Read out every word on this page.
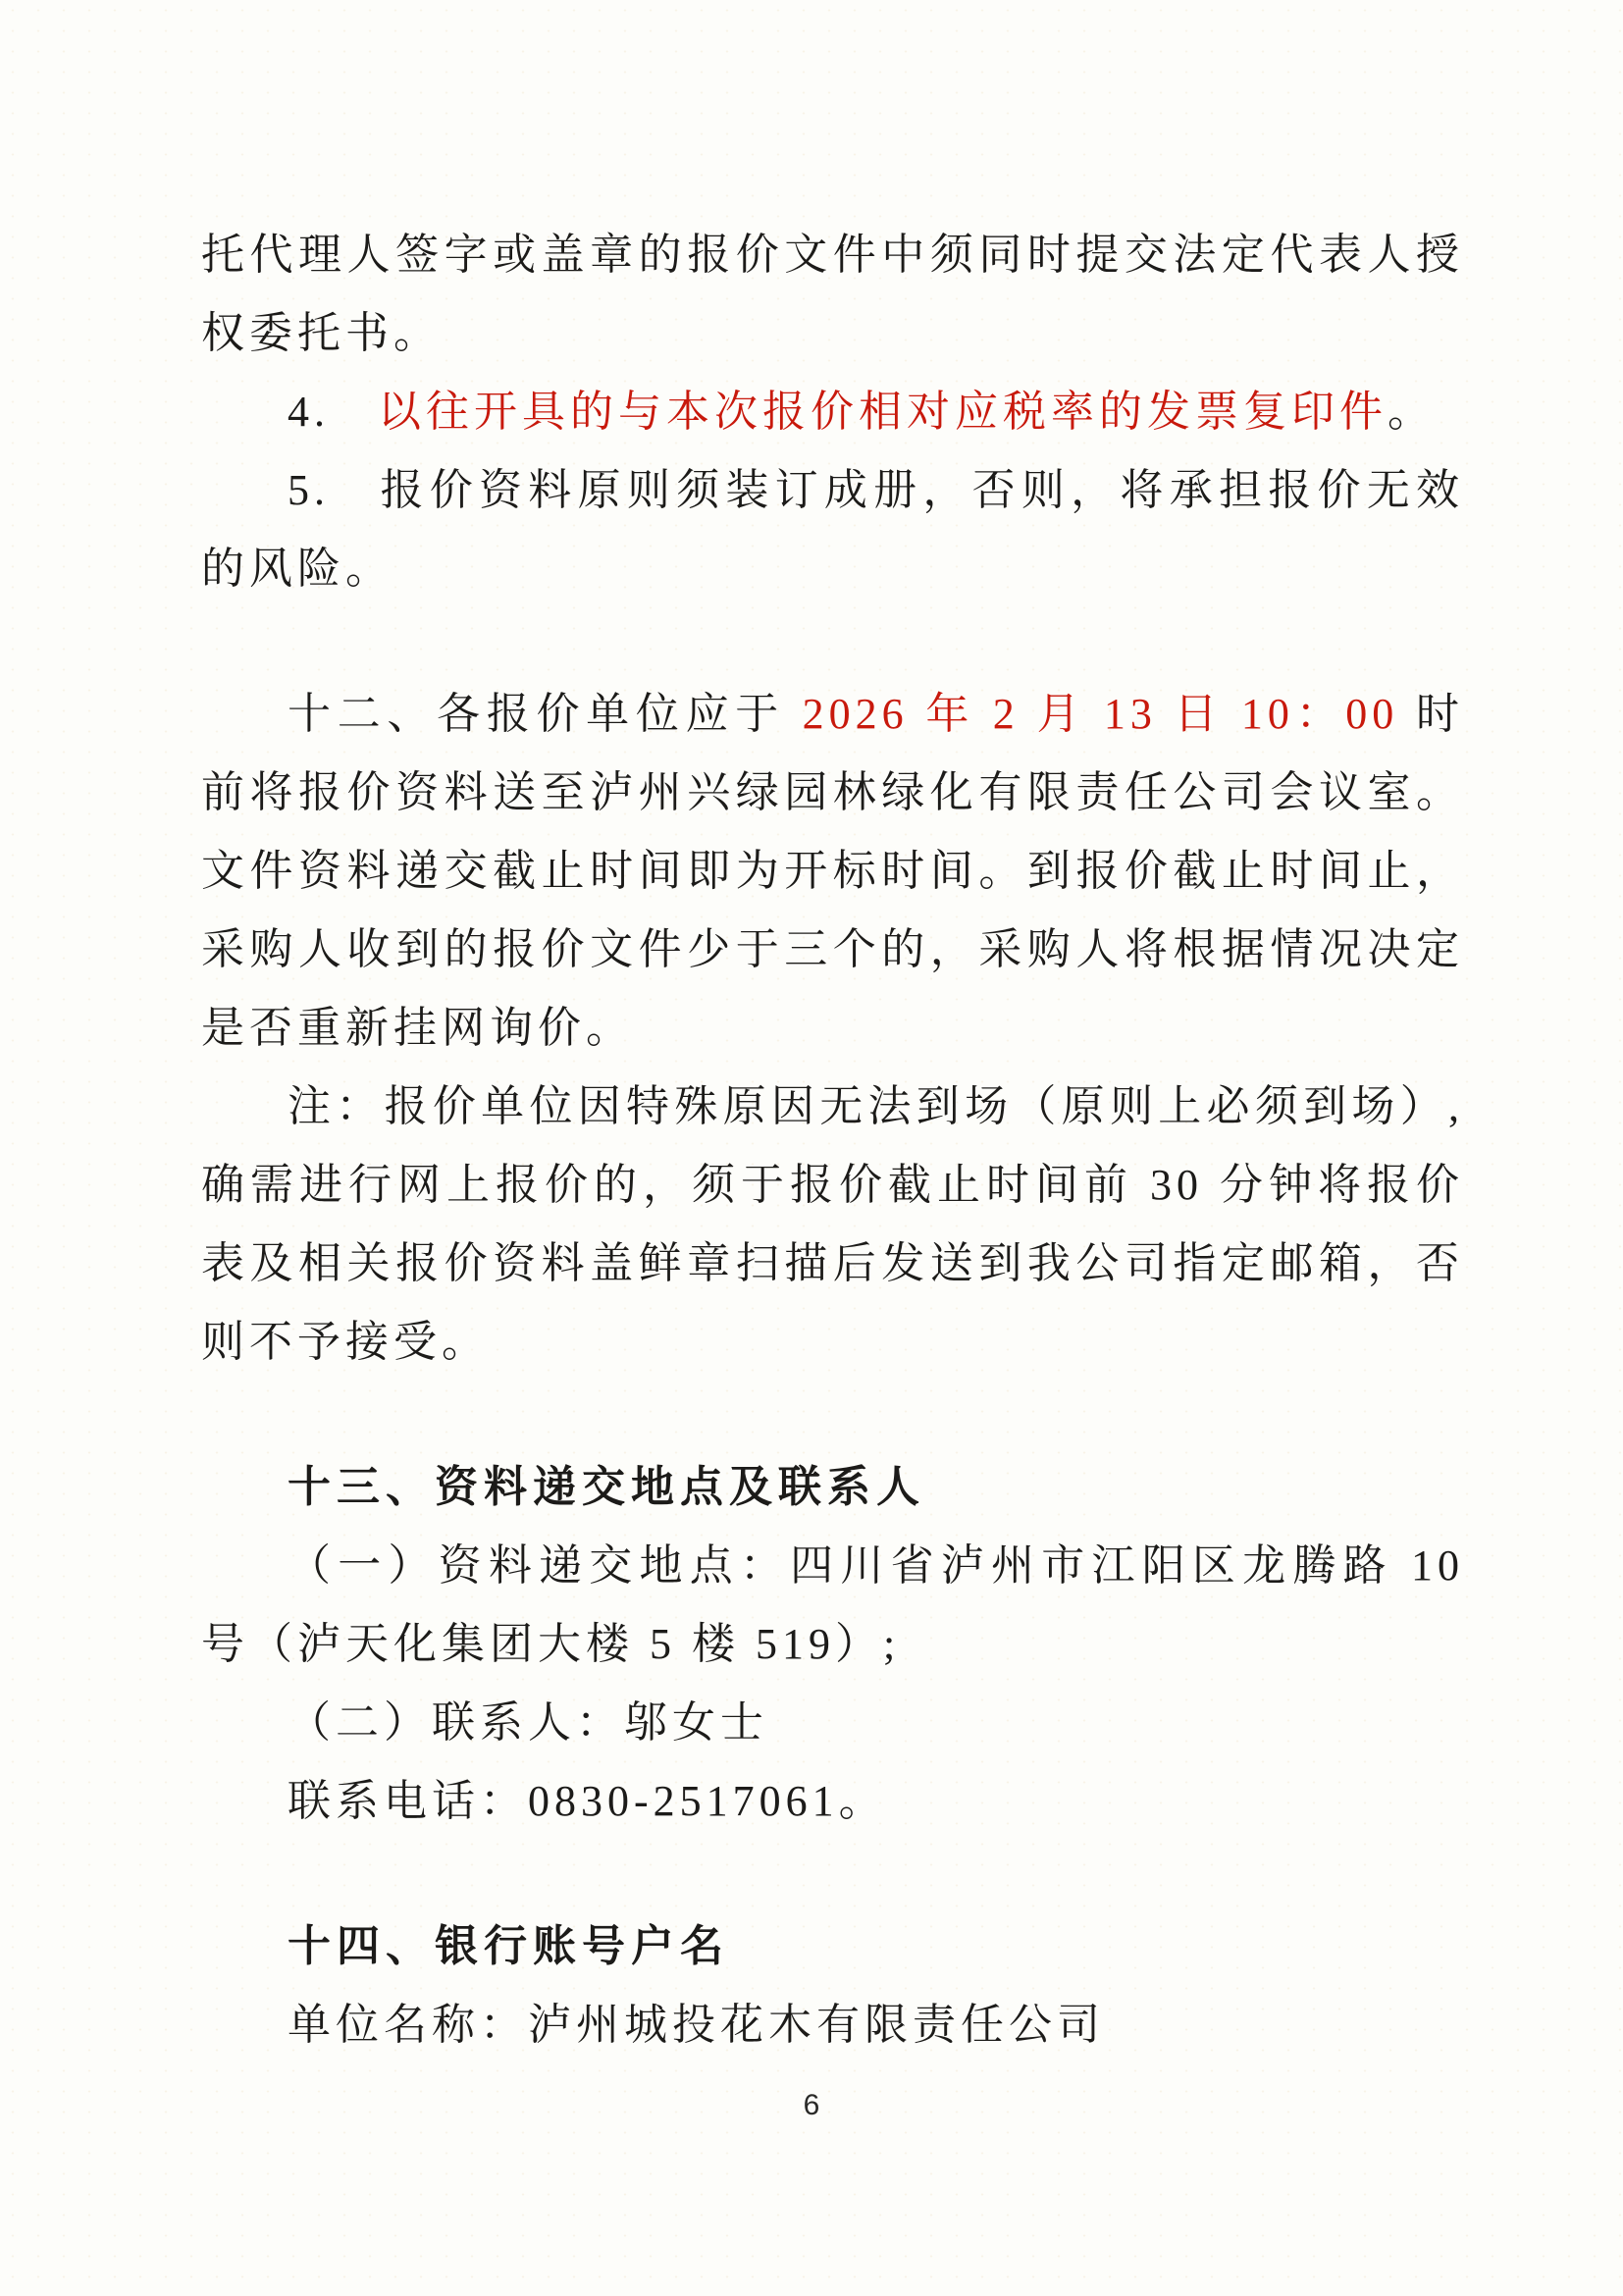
托代理人签字或盖章的报价文件中须同时提交法定代表人授权委托书。

4.　以往开具的与本次报价相对应税率的发票复印件。

5.　报价资料原则须装订成册，否则，将承担报价无效的风险。

十二、各报价单位应于 2026 年 2 月 13 日 10：00 时前将报价资料送至泸州兴绿园林绿化有限责任公司会议室。文件资料递交截止时间即为开标时间。到报价截止时间止，采购人收到的报价文件少于三个的，采购人将根据情况决定是否重新挂网询价。

注：报价单位因特殊原因无法到场（原则上必须到场）,确需进行网上报价的，须于报价截止时间前 30 分钟将报价表及相关报价资料盖鲜章扫描后发送到我公司指定邮箱，否则不予接受。

十三、资料递交地点及联系人

（一）资料递交地点：四川省泸州市江阳区龙腾路 10 号（泸天化集团大楼 5 楼 519）;

（二）联系人：邬女士

联系电话：0830-2517061。

十四、银行账号户名

单位名称：泸州城投花木有限责任公司

6
